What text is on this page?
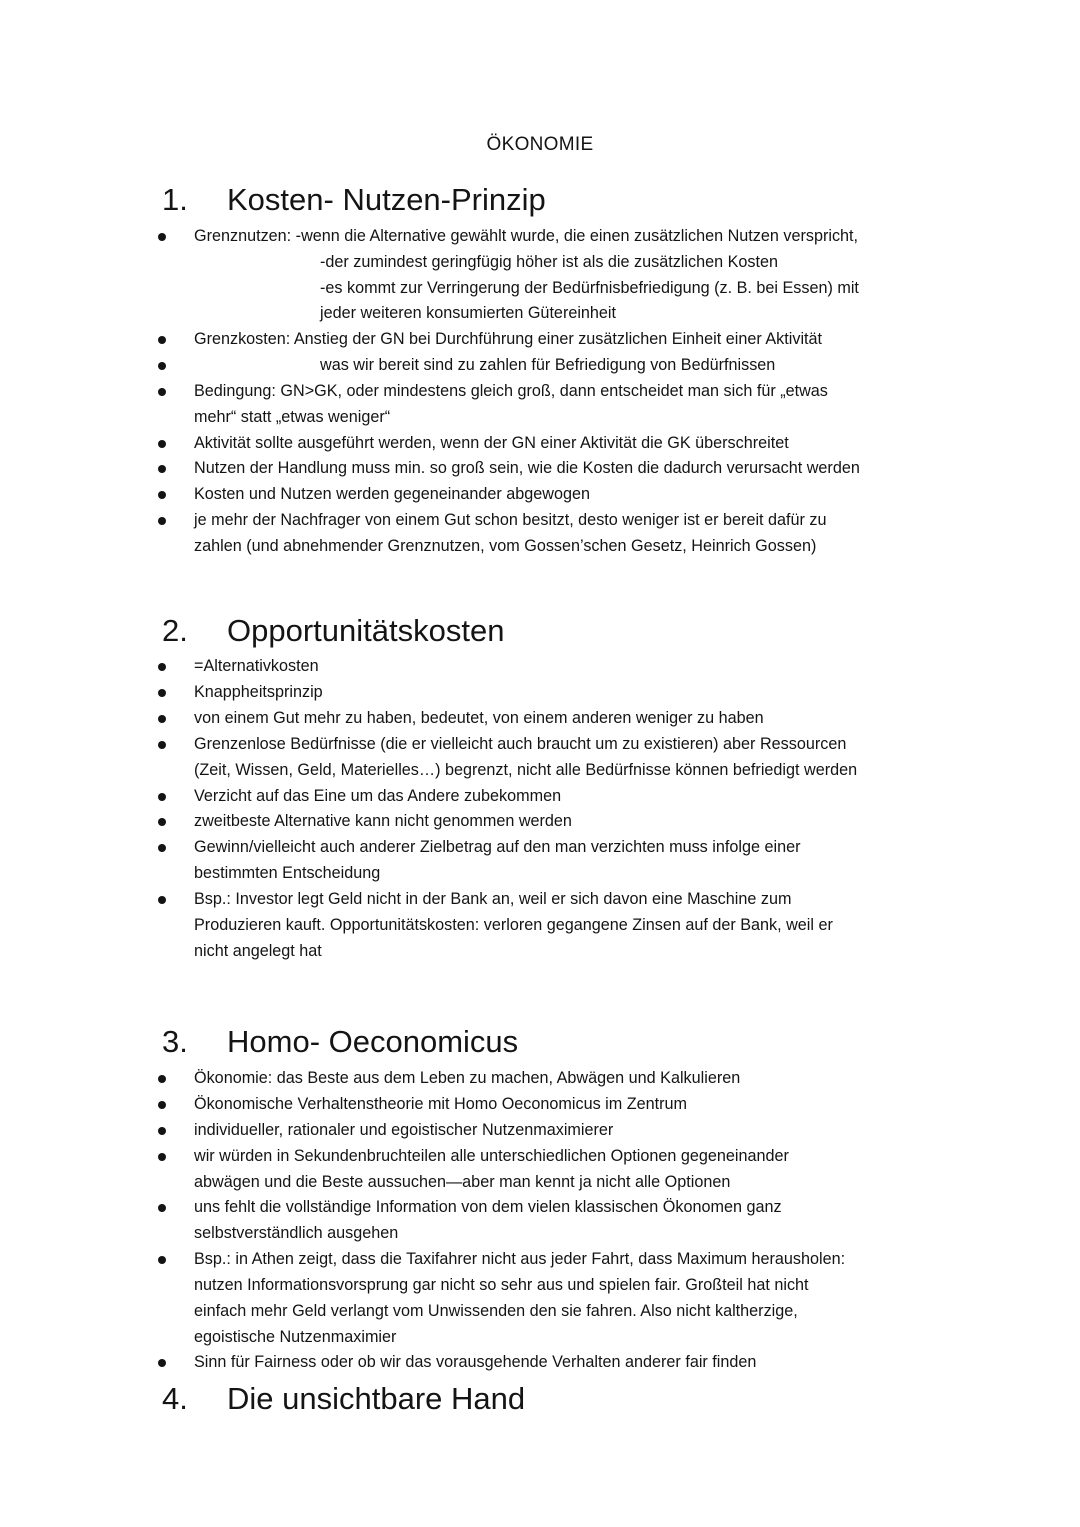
ÖKONOMIE
1. Kosten- Nutzen-Prinzip
Grenznutzen: -wenn die Alternative gewählt wurde, die einen zusätzlichen Nutzen verspricht,
-der zumindest geringfügig höher ist als die zusätzlichen Kosten
-es kommt zur Verringerung der Bedürfnisbefriedigung (z. B. bei Essen) mit
jeder weiteren konsumierten Gütereinheit
Grenzkosten: Anstieg der GN bei Durchführung einer zusätzlichen Einheit einer Aktivität
was wir bereit sind zu zahlen für Befriedigung von Bedürfnissen
Bedingung: GN>GK, oder mindestens gleich groß, dann entscheidet man sich für „etwas
mehr“ statt „etwas weniger“
Aktivität sollte ausgeführt werden, wenn der GN einer Aktivität die GK überschreitet
Nutzen der Handlung muss min. so groß sein, wie die Kosten die dadurch verursacht werden
Kosten und Nutzen werden gegeneinander abgewogen
je mehr der Nachfrager von einem Gut schon besitzt, desto weniger ist er bereit dafür zu
zahlen (und abnehmender Grenznutzen, vom Gossen’schen Gesetz, Heinrich Gossen)
2. Opportunitätskosten
=Alternativkosten
Knappheitsprinzip
von einem Gut mehr zu haben, bedeutet, von einem anderen weniger zu haben
Grenzenlose Bedürfnisse (die er vielleicht auch braucht um zu existieren) aber Ressourcen
(Zeit, Wissen, Geld, Materielles…) begrenzt, nicht alle Bedürfnisse können befriedigt werden
Verzicht auf das Eine um das Andere zubekommen
zweitbeste Alternative kann nicht genommen werden
Gewinn/vielleicht auch anderer Zielbetrag auf den man verzichten muss infolge einer
bestimmten Entscheidung
Bsp.: Investor legt Geld nicht in der Bank an, weil er sich davon eine Maschine zum
Produzieren kauft. Opportunitätskosten: verloren gegangene Zinsen auf der Bank, weil er
nicht angelegt hat
3. Homo- Oeconomicus
Ökonomie: das Beste aus dem Leben zu machen, Abwägen und Kalkulieren
Ökonomische Verhaltenstheorie mit Homo Oeconomicus im Zentrum
individueller, rationaler und egoistischer Nutzenmaximierer
wir würden in Sekundenbruchteilen alle unterschiedlichen Optionen gegeneinander
abwägen und die Beste aussuchen—aber man kennt ja nicht alle Optionen
uns fehlt die vollständige Information von dem vielen klassischen Ökonomen ganz
selbstverständlich ausgehen
Bsp.: in Athen zeigt, dass die Taxifahrer nicht aus jeder Fahrt, dass Maximum herausholen:
nutzen Informationsvorsprung gar nicht so sehr aus und spielen fair. Großteil hat nicht
einfach mehr Geld verlangt vom Unwissenden den sie fahren. Also nicht kaltherzige,
egoistische Nutzenmaximier
Sinn für Fairness oder ob wir das vorausgehende Verhalten anderer fair finden
4. Die unsichtbare Hand
